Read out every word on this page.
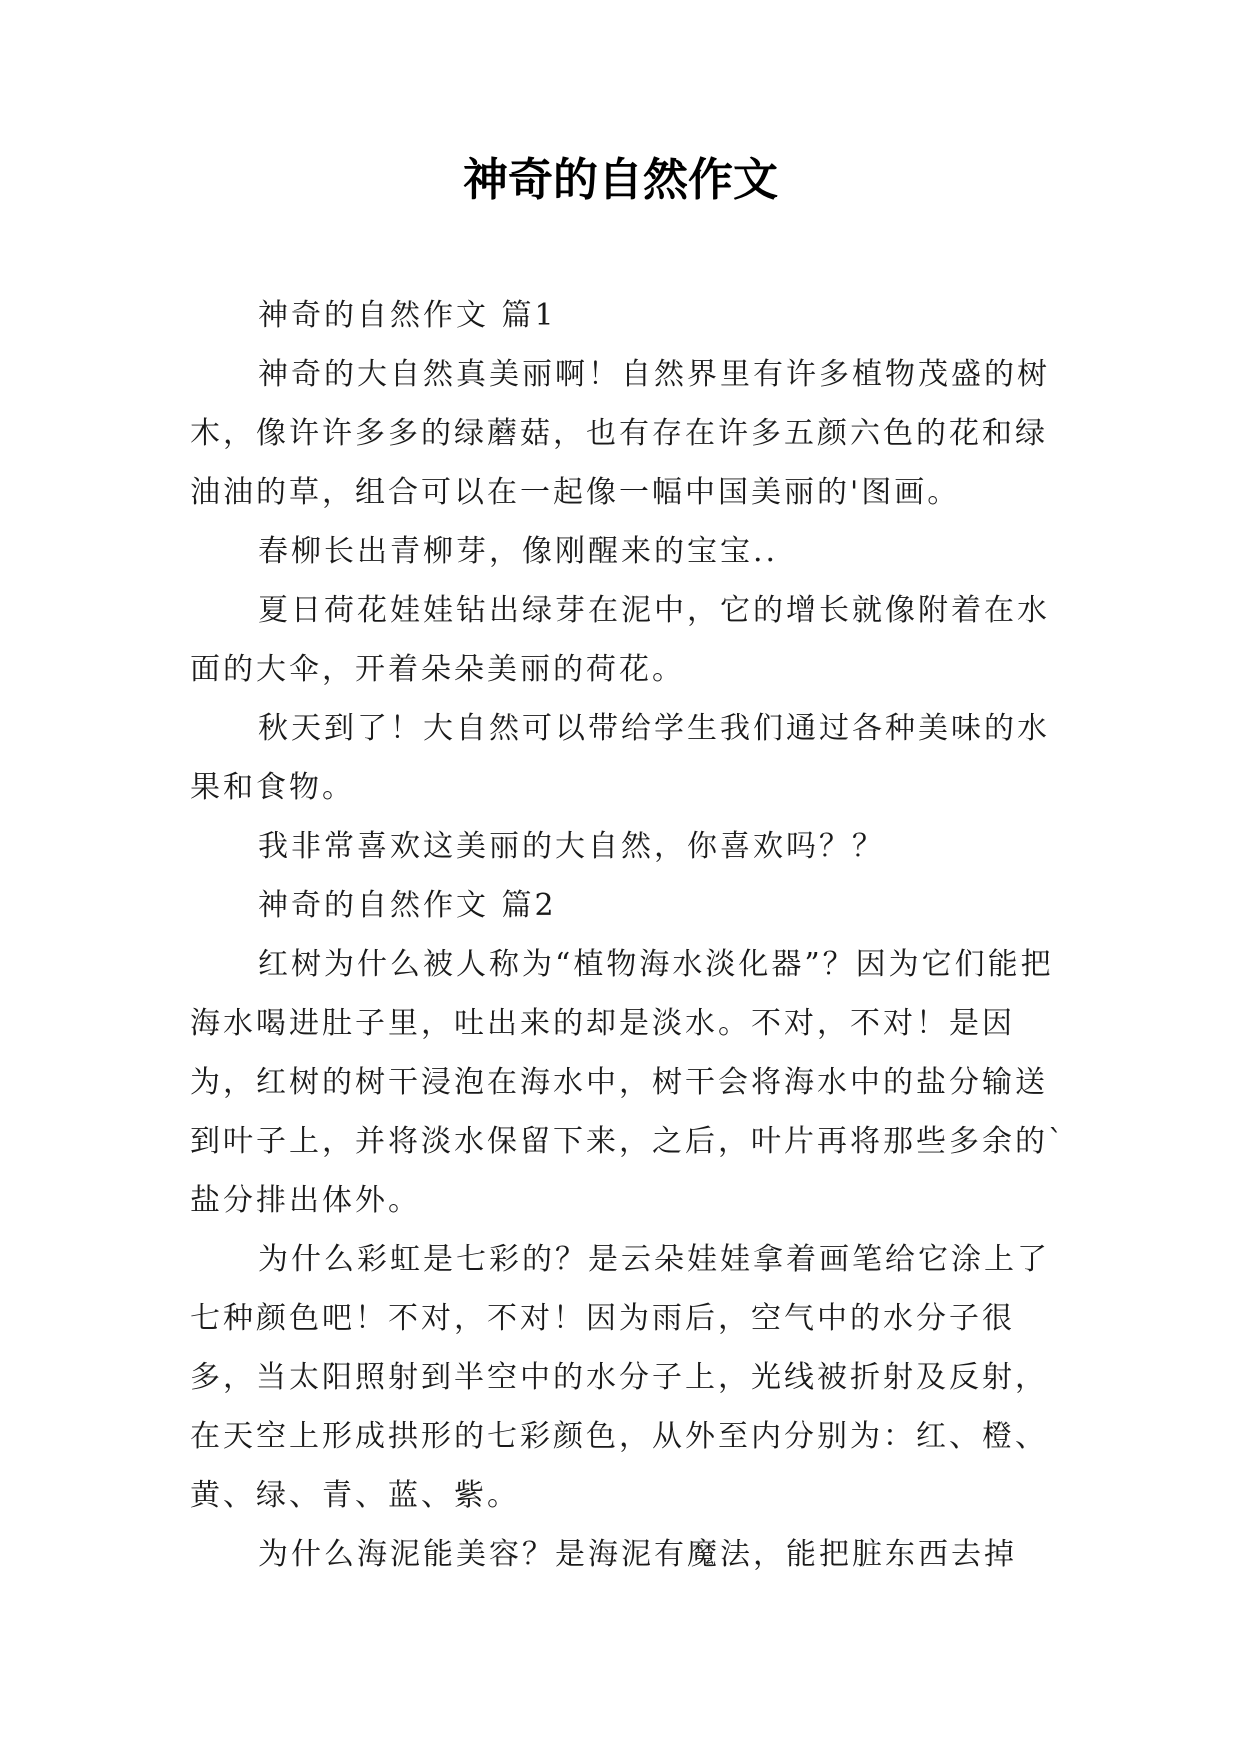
神奇的自然作文

神奇的自然作文 篇1

神奇的大自然真美丽啊！自然界里有许多植物茂盛的树木，像许许多多的绿蘑菇，也有存在许多五颜六色的花和绿油油的草，组合可以在一起像一幅中国美丽的'图画。

春柳长出青柳芽，像刚醒来的宝宝..

夏日荷花娃娃钻出绿芽在泥中，它的增长就像附着在水面的大伞，开着朵朵美丽的荷花。

秋天到了！大自然可以带给学生我们通过各种美味的水果和食物。

我非常喜欢这美丽的大自然，你喜欢吗？？

神奇的自然作文 篇2

红树为什么被人称为“植物海水淡化器”？因为它们能把海水喝进肚子里，吐出来的却是淡水。不对，不对！是因为，红树的树干浸泡在海水中，树干会将海水中的盐分输送到叶子上，并将淡水保留下来，之后，叶片再将那些多余的`盐分排出体外。

为什么彩虹是七彩的？是云朵娃娃拿着画笔给它涂上了七种颜色吧！不对，不对！因为雨后，空气中的水分子很多，当太阳照射到半空中的水分子上，光线被折射及反射，在天空上形成拱形的七彩颜色，从外至内分别为：红、橙、黄、绿、青、蓝、紫。

为什么海泥能美容？是海泥有魔法，能把脏东西去掉
